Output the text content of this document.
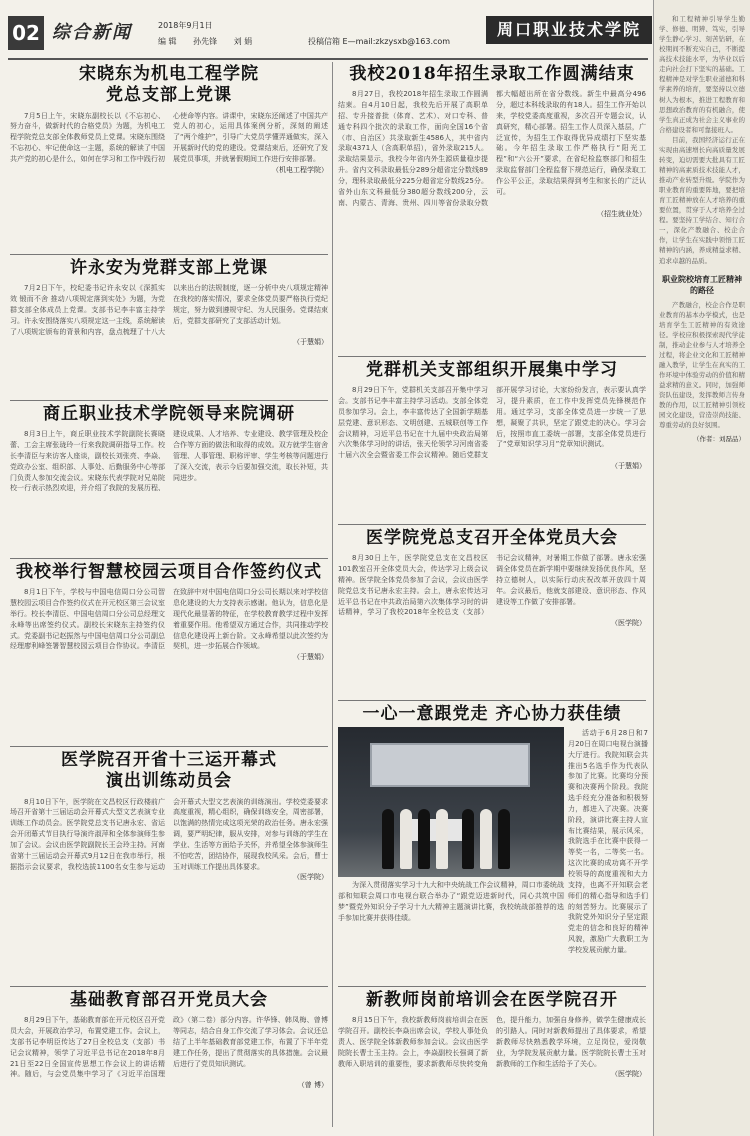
02 综合新闻	2018年9月1日
编 辑 孙先锋 刘 娟	投稿信箱 E—mail:zkzysxb@163.com
周口职业技术学院
宋晓东为机电工程学院
党总支部上党课

7月5日上午，宋晓东副校长以《不忘初心、努力奋斗，做新时代的合格党员》为题，为机电工程学院党总支部全体教师党员上党课。宋晓东围绕不忘初心、牢记使命这一主题，系统的解读了中国共产党的初心是什么，如何在学习和工作中践行初心使命等内容。讲课中，宋晓东还阐述了中国共产党人的初心，运用具体案例分析，深刻的阐述了“两个维护”，引导广大党员学懂弄通做实，深入开展新时代的党的建设。党课结束后，还研究了发展党员事项，并就暑假期间工作进行安排部署。

（机电工程学院）
许永安为党群支部上党课

7月2日下午，校纪委书记许永安以《深抓实效 锻而不舍 推动八项规定落到实处》为题，为党群支部全体成员上党课。支部书记李丰富主持学习。许永安围绕落实八项规定这一主线，系统解读了八项规定颁布的背景和内容，盘点梳理了十八大以来出台的法规制度，逐一分析中央八项规定精神在我校的落实情况，要求全体党员要严格执行党纪规定，努力做到遵规守纪、为人民服务。党课结束后，党群支部研究了支部活动计划。

（于慧娟）
商丘职业技术学院领导来院调研

8月3日上午，商丘职业技术学院副院长赛晓蕾、工会主席张珑玲一行来我院调研指导工作。校长李清臣与来访客人座谈，副校长刘张亮、李焱、党政办公室、组织部、人事处、后勤服务中心等部门负责人参加交流会议。宋晓东代表学院对兄弟院校一行表示热烈欢迎，并介绍了我院的发展历程、建设成果、人才培养、专业建设、教学管理及校企合作等方面的做法和取得的成效。双方就学生宿舍管理、人事管理、职称评审、学生考核等问题进行了深入交流，表示今后要加强交流，取长补短，共同进步。

我校举行智慧校园云项目合作签约仪式

8月1日下午，学校与中国电信周口分公司智慧校园云项目合作签约仪式在开元校区第三会议室举行。校长李清臣、中国电信周口分公司总经理文永峰等出席签约仪式。副校长宋晓东主持签约仪式。党委副书记赵振然与中国电信周口分公司副总经理廖利峰签署智慧校园云项目合作协议。李清臣在致辞中对中国电信周口分公司长期以来对学校信息化建设的大力支持表示感谢。他认为，信息化是现代化最显著的特征，在学校教育教学过程中发挥着重要作用。他希望双方通过合作，共同推动学校信息化建设再上新台阶。文永峰希望以此次签约为契机，进一步拓展合作领域。

（于慧娟）
医学院召开省十三运开幕式
演出训练动员会

8月10日下午，医学院在文昌校区行政楼前广场召开省第十三届运动会开幕式大型文艺表演专业训练工作动员会。医学院党总支书记唐永宏、省运会开闭幕式节目执行导演许淑萍和全体参演师生参加了会议。会议由医学院副院长王会玲主持。河南省第十三届运动会开幕式9月12日在我市举行，根据指示会议要求，我校选拔1100名女生参与运动会开幕式大型文艺表演的训练演出。学校党委要求高度重视，精心组织，确保训练安全，周密部署，以饱满的热情完成这项光荣的政治任务。唐永宏强调，要严明纪律，服从安排，对参与训练的学生在学业、生活等方面给予关怀，并希望全体参演师生不怕吃苦，团结协作，展现我校风采。会后，曹士玉对训练工作提出具体要求。

（医学院）
基础教育部召开党员大会

8月29日下午，基础教育部在开元校区召开党员大会，开展政治学习，布置党建工作。会议上，支部书记李明臣传达了27日全校总支（支部）书记会议精神，领学了习近平总书记在2018年8月21日至22日全国宣传思想工作会议上的讲话精神。随后，与会党员集中学习了《习近平治国理政》（第二卷）部分内容。许华锋、韩凤梅、曾博等同志，结合自身工作交流了学习体会。会议还总结了上半年基础教育部党建工作，布置了下半年党建工作任务，提出了贯彻落实的具体措施。会议最后进行了党员知识测试。

（曾 博）
我校2018年招生录取工作圆满结束

8月27日，我校2018年招生录取工作圆满结束。自4月10日起，我校先后开展了高职单招、专升接普批（体育、艺术）、对口专科、普通专科四个批次的录取工作，面向全国16个省（市、自治区）共录取新生4586人，其中省内录取4371人（含高职单招），省外录取215人。录取结果显示，我校今年省内外生源质量稳步提升。省内文科录取最低分289分超省定分数线89分，理科录取最低分225分超省定分数线25分。省外山东文科最低分380超分数线200分，云南、内蒙古、青海、贵州、四川等省份录取分数都大幅超出所在省分数线。新生中最高分496分，超过本科线录取的有18人。招生工作开始以来，学校党委高度重视，多次召开专题会议，认真研究，精心部署。招生工作人员深入基层，广泛宣传，为招生工作取得优异成绩打下坚实基础。今年招生录取工作严格执行“阳光工程”和“六公开”要求，在省纪检监察部门和招生录取监督部门全程监督下规范运行，确保录取工作公平公正，录取结果得到考生和家长的广泛认可。

（招生就业处）
党群机关支部组织开展集中学习

8月29日下午，党群机关支部召开集中学习会。支部书记李丰富主持学习活动。支部全体党员参加学习。会上，李丰富传达了全国新学期基层党建、意识形态、文明创建、五城联创等工作会议精神，习近平总书记在十九届中央政治局第六次集体学习时的讲话，张天伦领学习河南省委十届六次全会暨省委工作会议精神。随后党群支部开展学习讨论，大家纷纷发言，表示要认真学习，提升素质，在工作中发挥党员先锋模范作用。通过学习，支部全体党员进一步统一了思想，凝聚了共识，坚定了跟党走的决心。学习会后，按照市直工委统一部署，支部全体党员进行了“党章知识学习月”党章知识测试。

（于慧娟）
医学院党总支召开全体党员大会

8月30日上午，医学院党总支在文昌校区101教室召开全体党员大会，传达学习上级会议精神。医学院全体党员参加了会议，会议由医学院党总支书记唐永宏主持。会上，唐永宏传达习近平总书记在中共政治局第六次集体学习时的讲话精神，学习了我校2018年全校总支（支部）书记会议精神，对暑期工作做了部署。唐永宏强调全体党员在新学期中要继续发扬优良作风，坚持立德树人，以实际行动庆祝改革开放四十周年。会议最后，他就支部建设、意识形态、作风建设等工作做了安排部署。

（医学院）
一心一意跟党走 齐心协力获佳绩

为深入贯彻落实学习十九大和中央统战工作会议精神，周口市委统战部和知联会周口市电视台联合举办了“跟党迈进新时代，同心共筑中国梦”暨党外知识分子学习十九大精神主题演讲比赛，我校统战部推荐的选手参加比赛并获得佳绩。

活动于6月28日和7月20日在周口电视台演播大厅进行。我院知联会共推出5名选手作为代表队参加了比赛。比赛均分预赛和决赛两个阶段。我院选手经充分准备和积极努力，都进入了决赛。决赛阶段，演讲比赛主持人宣布比赛结果，展示风采，我院选手在比赛中获得一等奖一名，二等奖一名。这次比赛的成功离不开学校领导的高度重视和大力支持，也离不开知联会老师们的精心指导和选手们的刻苦努力。比赛展示了我院党外知识分子坚定跟党走的信念和良好的精神风貌，激励广大教职工为学校发展贡献力量。

新教师岗前培训会在医学院召开

8月15日下午，我校新教师岗前培训会在医学院召开。副校长李焱出席会议，学校人事处负责人、医学院全体新教师参加会议。会议由医学院院长曹士玉主持。会上，李焱副校长强调了新教师入职培训的重要性，要求新教师尽快转变角色，提升能力，加强自身修养，做学生健康成长的引路人。同时对新教师提出了具体要求，希望新教师尽快熟悉教学环境，立足岗位，爱岗敬业，为学院发展贡献力量。医学院院长曹士玉对新教师的工作和生活给予了关心。

（医学院）

和工程精神引导学生勤学、修德、明辨、笃实，引导学生静心学习、刻苦钻研，在校期间不断充实自己，不断提高技术技能水平，为毕业以后走向社会打下坚实的基础。工程精神是对学生职业道德和科学素养的培育，要坚持以立德树人为根本，推进工程教育和思想政治教育的有机融合，使学生真正成为社会主义事业的合格建设者和可靠接班人。

目前，我国经济运行正在实现由高速增长向高质量发展转变，迫切需要大批具有工匠精神的高素质技术技能人才，推动产业转型升级。学院作为职业教育的重要阵地，要把培育工匠精神放在人才培养的重要位置，贯穿于人才培养全过程。要坚持工学结合、知行合一，深化产教融合、校企合作，让学生在实践中领悟工匠精神的内涵，养成精益求精、追求卓越的品质。

职业院校培育工匠精神的路径

产教融合，校企合作是职业教育的基本办学模式，也是培育学生工匠精神的有效途径。学校应积极探索现代学徒制，推动企业参与人才培养全过程，将企业文化和工匠精神融入教学，让学生在真实的工作环境中体验劳动的价值和精益求精的意义。同时，加强师资队伍建设，发挥教师言传身教的作用，以工匠精神引领校园文化建设，营造崇尚技能、尊重劳动的良好氛围。

（作者：刘磊品）
